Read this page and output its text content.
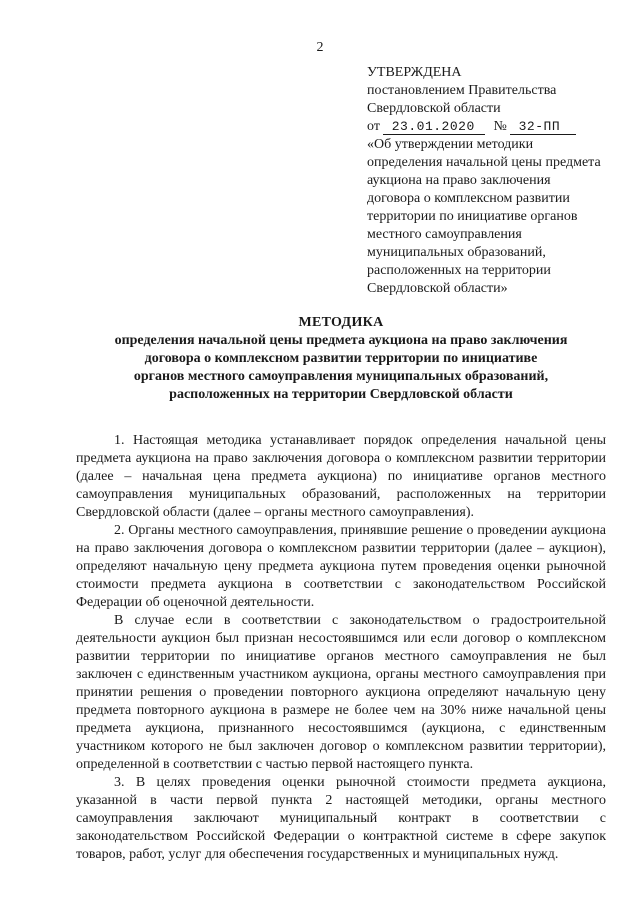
2
УТВЕРЖДЕНА
постановлением Правительства
Свердловской области
от 23.01.2020 № 32-ПП
«Об утверждении методики
определения начальной цены предмета
аукциона на право заключения
договора о комплексном развитии
территории по инициативе органов
местного самоуправления
муниципальных образований,
расположенных на территории
Свердловской области»
МЕТОДИКА
определения начальной цены предмета аукциона на право заключения
договора о комплексном развитии территории по инициативе
органов местного самоуправления муниципальных образований,
расположенных на территории Свердловской области

1. Настоящая методика устанавливает порядок определения начальной цены предмета аукциона на право заключения договора о комплексном развитии территории (далее – начальная цена предмета аукциона) по инициативе органов местного самоуправления муниципальных образований, расположенных на территории Свердловской области (далее – органы местного самоуправления).

2. Органы местного самоуправления, принявшие решение о проведении аукциона на право заключения договора о комплексном развитии территории (далее – аукцион), определяют начальную цену предмета аукциона путем проведения оценки рыночной стоимости предмета аукциона в соответствии с законодательством Российской Федерации об оценочной деятельности.

В случае если в соответствии с законодательством о градостроительной деятельности аукцион был признан несостоявшимся или если договор о комплексном развитии территории по инициативе органов местного самоуправления не был заключен с единственным участником аукциона, органы местного самоуправления при принятии решения о проведении повторного аукциона определяют начальную цену предмета повторного аукциона в размере не более чем на 30% ниже начальной цены предмета аукциона, признанного несостоявшимся (аукциона, с единственным участником которого не был заключен договор о комплексном развитии территории), определенной в соответствии с частью первой настоящего пункта.

3. В целях проведения оценки рыночной стоимости предмета аукциона, указанной в части первой пункта 2 настоящей методики, органы местного самоуправления заключают муниципальный контракт в соответствии с законодательством Российской Федерации о контрактной системе в сфере закупок товаров, работ, услуг для обеспечения государственных и муниципальных нужд.
